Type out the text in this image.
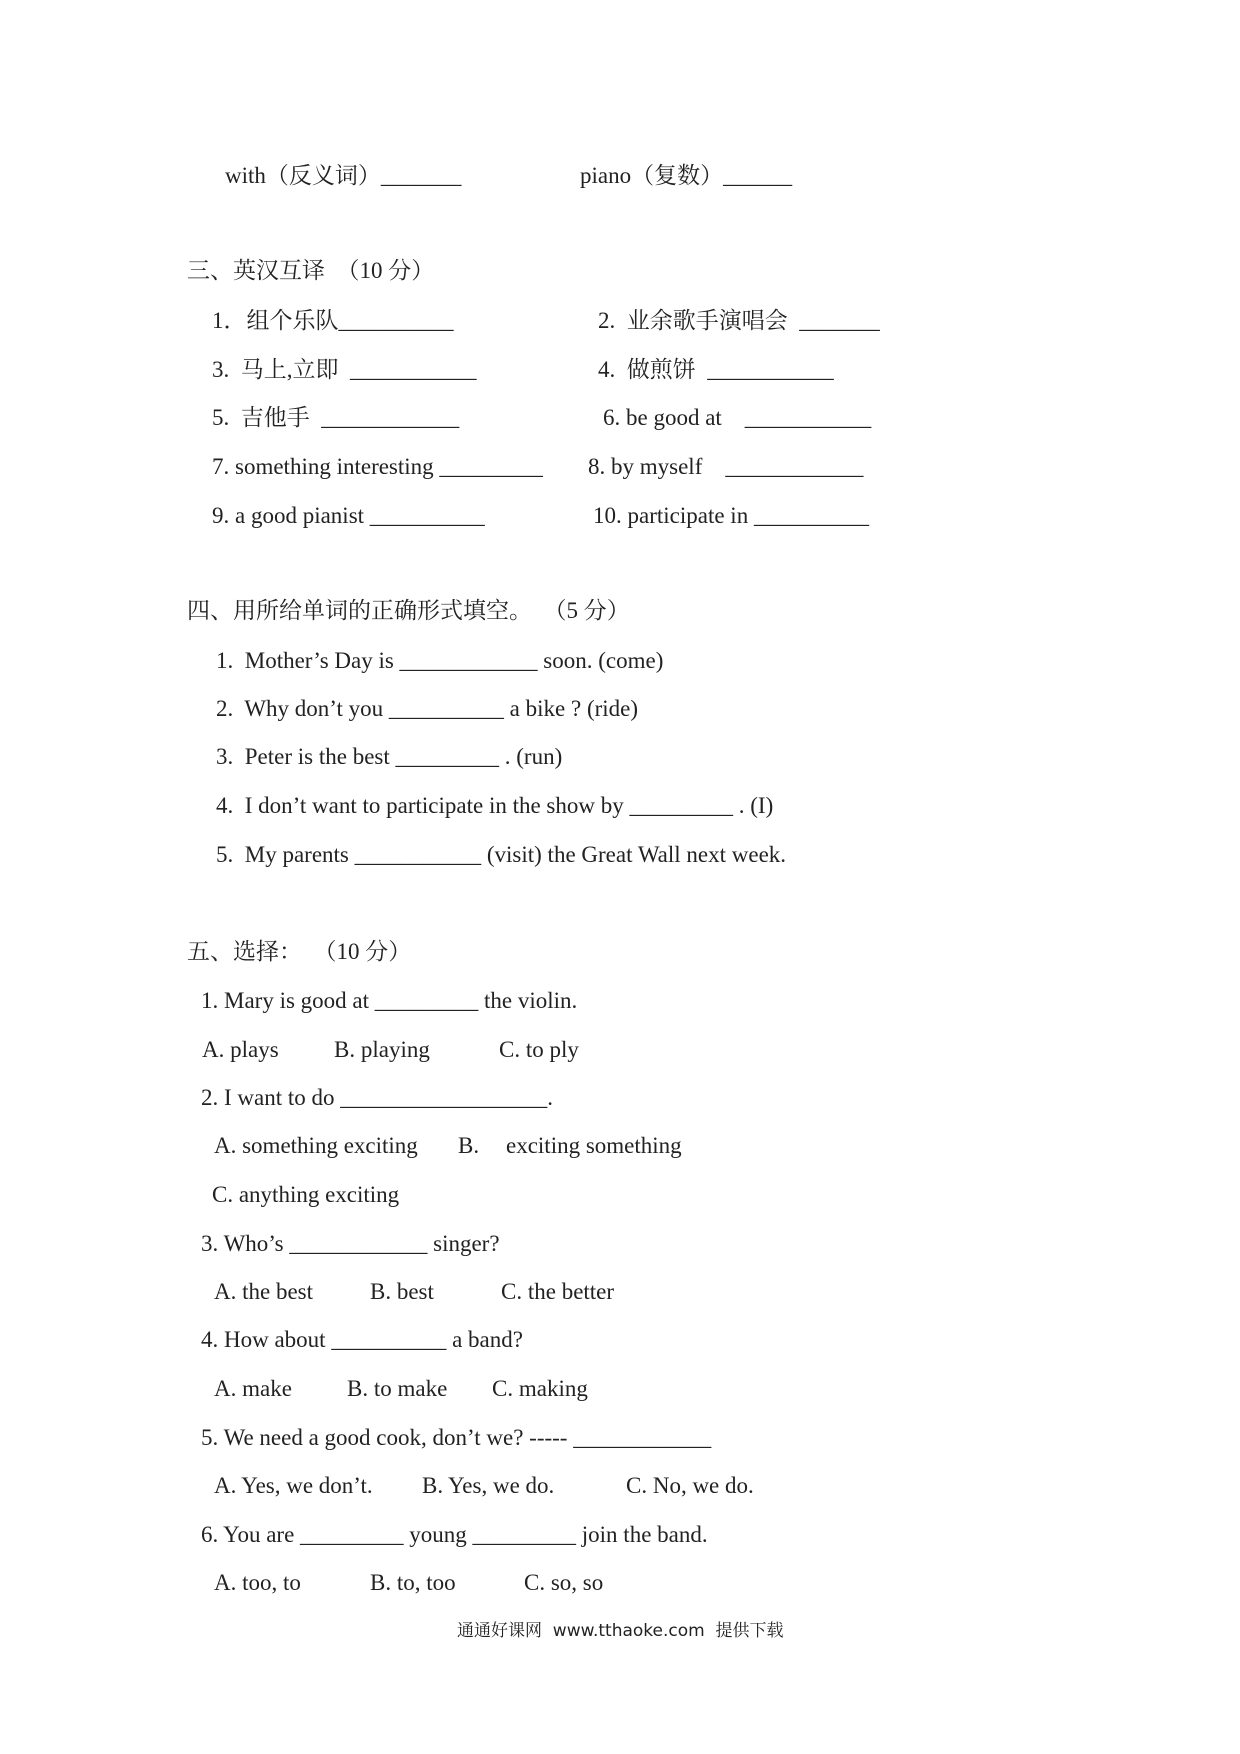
with（反义词）_______	piano（复数）______
三、英汉互译  （10 分）
1．组个乐队__________	2.  业余歌手演唱会  _______
3.  马上,立即  ___________	4.  做煎饼  ___________
5.  吉他手  ____________	6. be good at    ___________
7. something interesting _________ 8. by myself    ____________
9. a good pianist __________	10. participate in __________
四、用所给单词的正确形式填空。  （5 分）
1.  Mother’s Day is ____________ soon. (come)
2.  Why don’t you __________ a bike ? (ride)
3.  Peter is the best _________ . (run)
4.  I don’t want to participate in the show by _________ . (I)
5.  My parents ___________ (visit) the Great Wall next week.
五、选择：  （10 分）
1. Mary is good at _________ the violin.
A. plays B. playing	C. to ply
2. I want to do __________________.
A. something exciting B. exciting something
C. anything exciting
3. Who’s ____________ singer?
A. the best B. best	C. the better
4. How about __________ a band?
A. make B. to make C. making
5. We need a good cook, don’t we? ----- ____________
A. Yes, we don’t. B. Yes, we do.	C. No, we do.
6. You are _________ young _________ join the band.
A. too, to	B. to, too	C. so, so
通通好课网  www.tthaoke.com  提供下载
